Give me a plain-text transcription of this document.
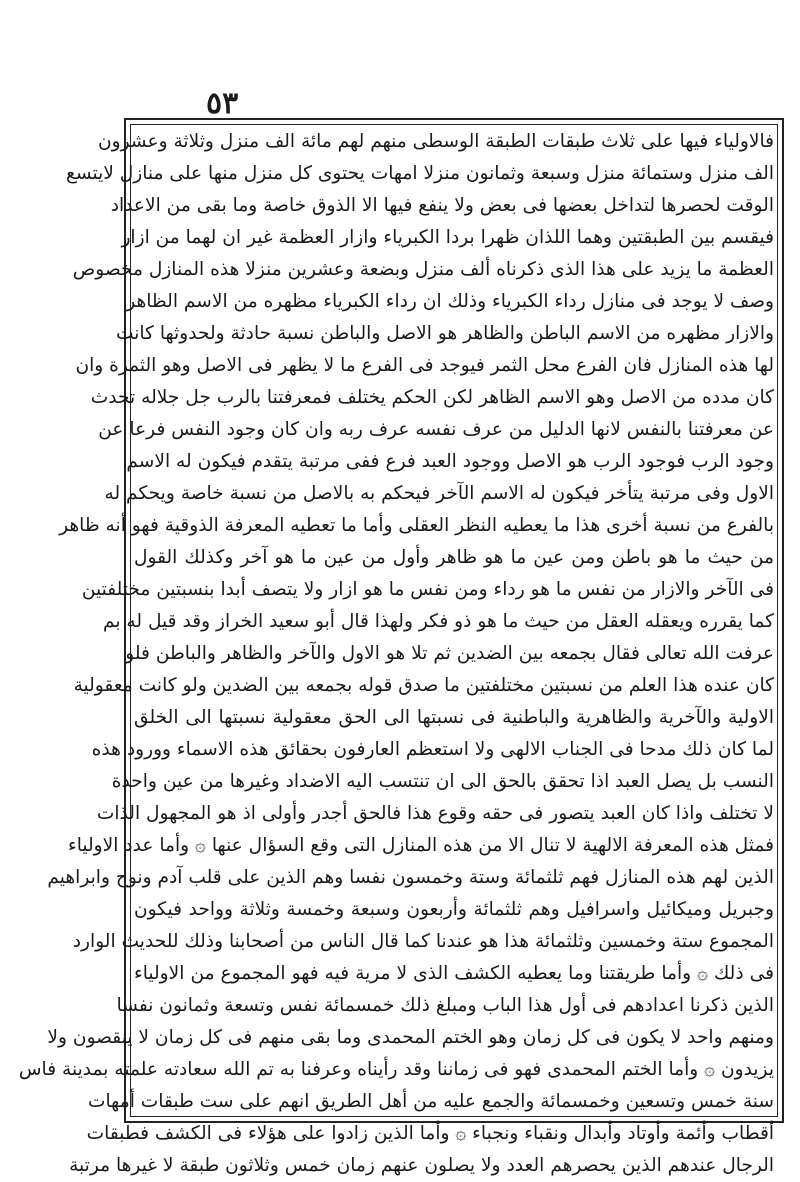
٥٣
فالاولياء فيها على ثلاث طبقات الطبقة الوسطى منهم لهم مائة الف منزل وثلاثة وعشرون
الف منزل وستمائة منزل وسبعة وثمانون منزلا امهات يحتوى كل منزل منها على منازل لايتسع
الوقت لحصرها لتداخل بعضها فى بعض ولا ينفع فيها الا الذوق خاصة وما بقى من الاعداد
فيقسم بين الطبقتين وهما اللذان ظهرا بردا الكبرياء وازار العظمة غير ان لهما من ازار
العظمة ما يزيد على هذا الذى ذكرناه ألف منزل وبضعة وعشرين منزلا هذه المنازل مخصوص
وصف لا يوجد فى منازل رداء الكبرياء وذلك ان رداء الكبرياء مظهره من الاسم الظاهر
والازار مظهره من الاسم الباطن والظاهر هو الاصل والباطن نسبة حادثة ولحدوثها كانت
لها هذه المنازل فان الفرع محل الثمر فيوجد فى الفرع ما لا يظهر فى الاصل وهو الثمرة وان
كان مدده من الاصل وهو الاسم الظاهر لكن الحكم يختلف فمعرفتنا بالرب جل جلاله تحدث
عن معرفتنا بالنفس لانها الدليل من عرف نفسه عرف ربه وان كان وجود النفس فرعا عن
وجود الرب فوجود الرب هو الاصل ووجود العبد فرع ففى مرتبة يتقدم فيكون له الاسم
الاول وفى مرتبة يتأخر فيكون له الاسم الآخر فيحكم به بالاصل من نسبة خاصة ويحكم له
بالفرع من نسبة أخرى هذا ما يعطيه النظر العقلى وأما ما تعطيه المعرفة الذوقية فهو أنه ظاهر
من حيث ما هو باطن ومن عين ما هو ظاهر وأول من عين ما هو آخر وكذلك القول
فى الآخر والازار من نفس ما هو رداء ومن نفس ما هو ازار ولا يتصف أبدا بنسبتين مختلفتين
كما يقرره ويعقله العقل من حيث ما هو ذو فكر ولهذا قال أبو سعيد الخراز وقد قيل له بم
عرفت الله تعالى فقال بجمعه بين الضدين ثم تلا هو الاول والآخر والظاهر والباطن فلو
كان عنده هذا العلم من نسبتين مختلفتين ما صدق قوله بجمعه بين الضدين ولو كانت معقولية
الاولية والآخرية والظاهرية والباطنية فى نسبتها الى الحق معقولية نسبتها الى الخلق
لما كان ذلك مدحا فى الجناب الالهى ولا استعظم العارفون بحقائق هذه الاسماء وورود هذه
النسب بل يصل العبد اذا تحقق بالحق الى ان تنتسب اليه الاضداد وغيرها من عين واحدة
لا تختلف واذا كان العبد يتصور فى حقه وقوع هذا فالحق أجدر وأولى اذ هو المجهول الذات
فمثل هذه المعرفة الالهية لا تنال الا من هذه المنازل التى وقع السؤال عنها ۞ وأما عدد الاولياء
الذين لهم هذه المنازل فهم ثلثمائة وستة وخمسون نفسا وهم الذين على قلب آدم ونوح وابراهيم
وجبريل وميكائيل واسرافيل وهم ثلثمائة وأربعون وسبعة وخمسة وثلاثة وواحد فيكون
المجموع ستة وخمسين وثلثمائة هذا هو عندنا كما قال الناس من أصحابنا وذلك للحديث الوارد
فى ذلك ۞ وأما طريقتنا وما يعطيه الكشف الذى لا مرية فيه فهو المجموع من الاولياء
الذين ذكرنا اعدادهم فى أول هذا الباب ومبلغ ذلك خمسمائة نفس وتسعة وثمانون نفسا
ومنهم واحد لا يكون فى كل زمان وهو الختم المحمدى وما بقى منهم فى كل زمان لا ينقصون ولا
يزيدون ۞ وأما الختم المحمدى فهو فى زماننا وقد رأيناه وعرفنا به تم الله سعادته علمته بمدينة فاس
سنة خمس وتسعين وخمسمائة والجمع عليه من أهل الطريق انهم على ست طبقات أمهات
أقطاب وأئمة وأوتاد وأبدال ونقباء ونجباء ۞ وأما الذين زادوا على هؤلاء فى الكشف فطبقات
الرجال عندهم الذين يحصرهم العدد ولا يصلون عنهم زمان خمس وثلاثون طبقة لا غيرها مرتبة
